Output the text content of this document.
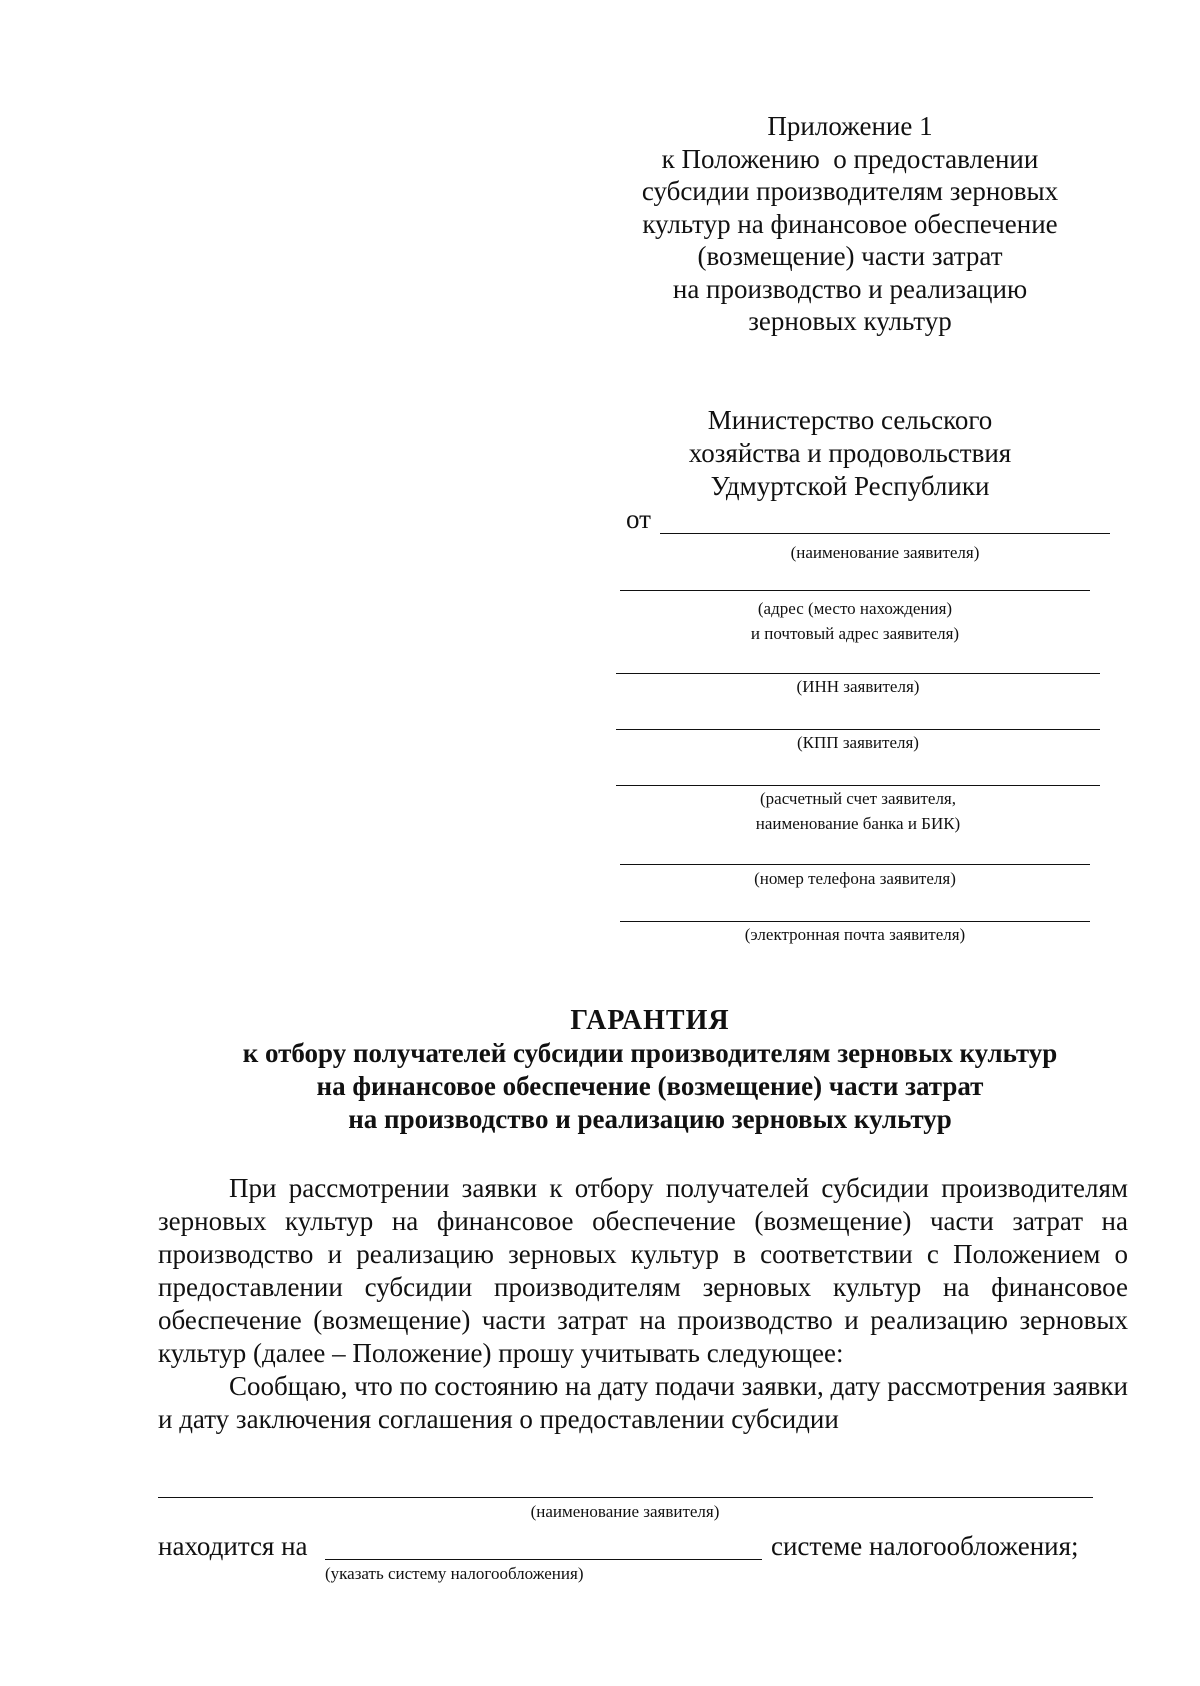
Приложение 1
к Положению  о предоставлении
субсидии производителям зерновых
культур на финансовое обеспечение
(возмещение) части затрат
на производство и реализацию
зерновых культур
Министерство сельского
хозяйства и продовольствия
Удмуртской Республики
от
(наименование заявителя)
(адрес (место нахождения)
и почтовый адрес заявителя)
(ИНН заявителя)
(КПП заявителя)
(расчетный счет заявителя,
наименование банка и БИК)
(номер телефона заявителя)
(электронная почта заявителя)
ГАРАНТИЯ
к отбору получателей субсидии производителям зерновых культур
на финансовое обеспечение (возмещение) части затрат
на производство и реализацию зерновых культур

При рассмотрении заявки к отбору получателей субсидии производителям зерновых культур на финансовое обеспечение (возмещение) части затрат на производство и реализацию зерновых культур в соответствии с Положением о предоставлении субсидии производителям зерновых культур на финансовое обеспечение (возмещение) части затрат на производство и реализацию зерновых культур (далее – Положение) прошу учитывать следующее:

Сообщаю, что по состоянию на дату подачи заявки, дату рассмотрения заявки и дату заключения соглашения о предоставлении субсидии

(наименование заявителя)
находится на	системе налогообложения;
(указать систему налогообложения)
